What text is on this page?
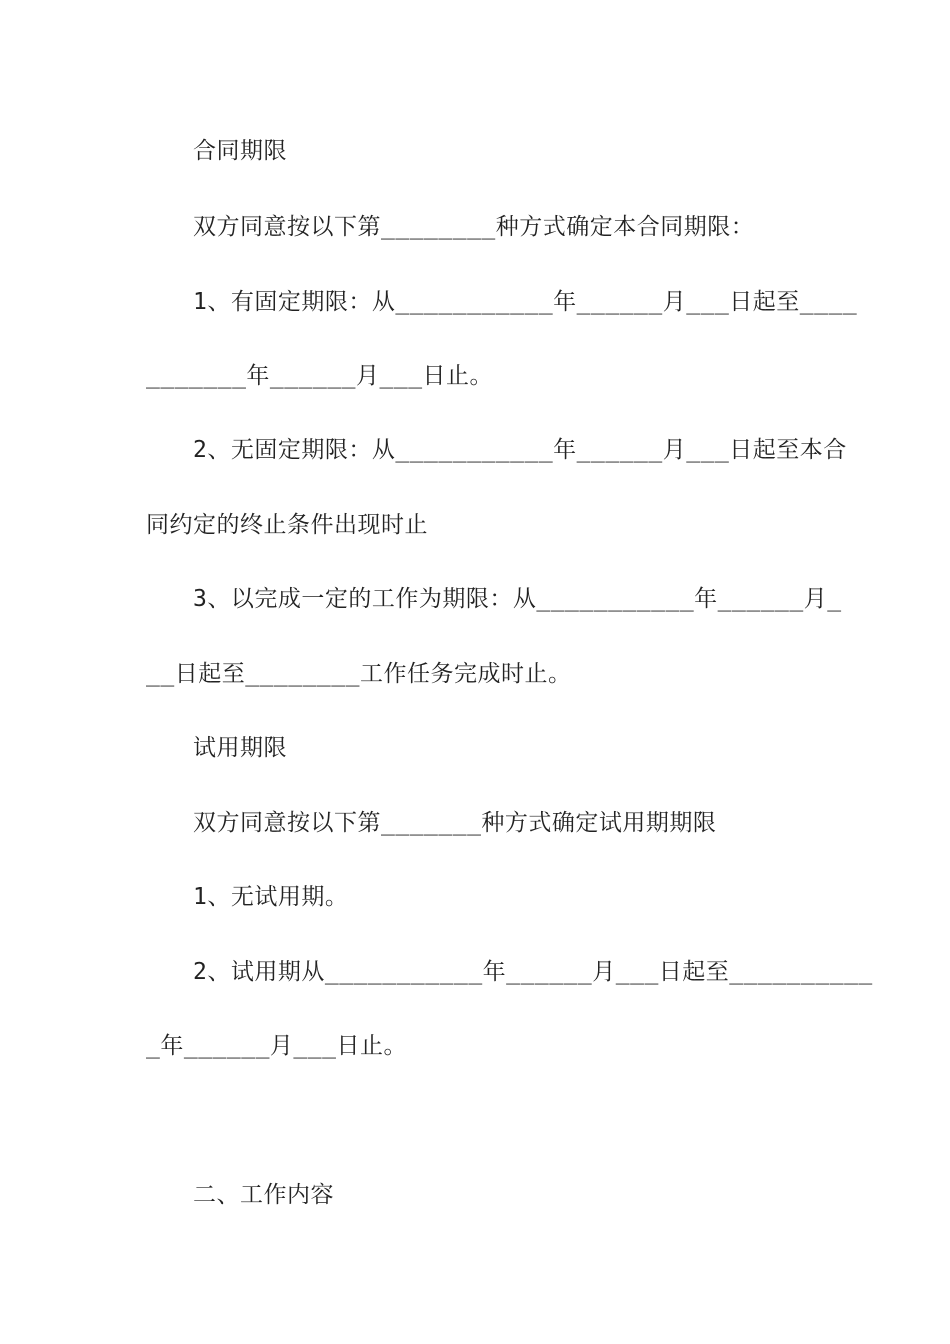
合同期限
双方同意按以下第________种方式确定本合同期限：
1、有固定期限：从___________年______月___日起至____
_______年______月___日止。
2、无固定期限：从___________年______月___日起至本合
同约定的终止条件出现时止
3、以完成一定的工作为期限：从___________年______月_
__日起至________工作任务完成时止。
试用期限
双方同意按以下第_______种方式确定试用期期限
1、无试用期。
2、试用期从___________年______月___日起至__________
_年______月___日止。
二、工作内容
